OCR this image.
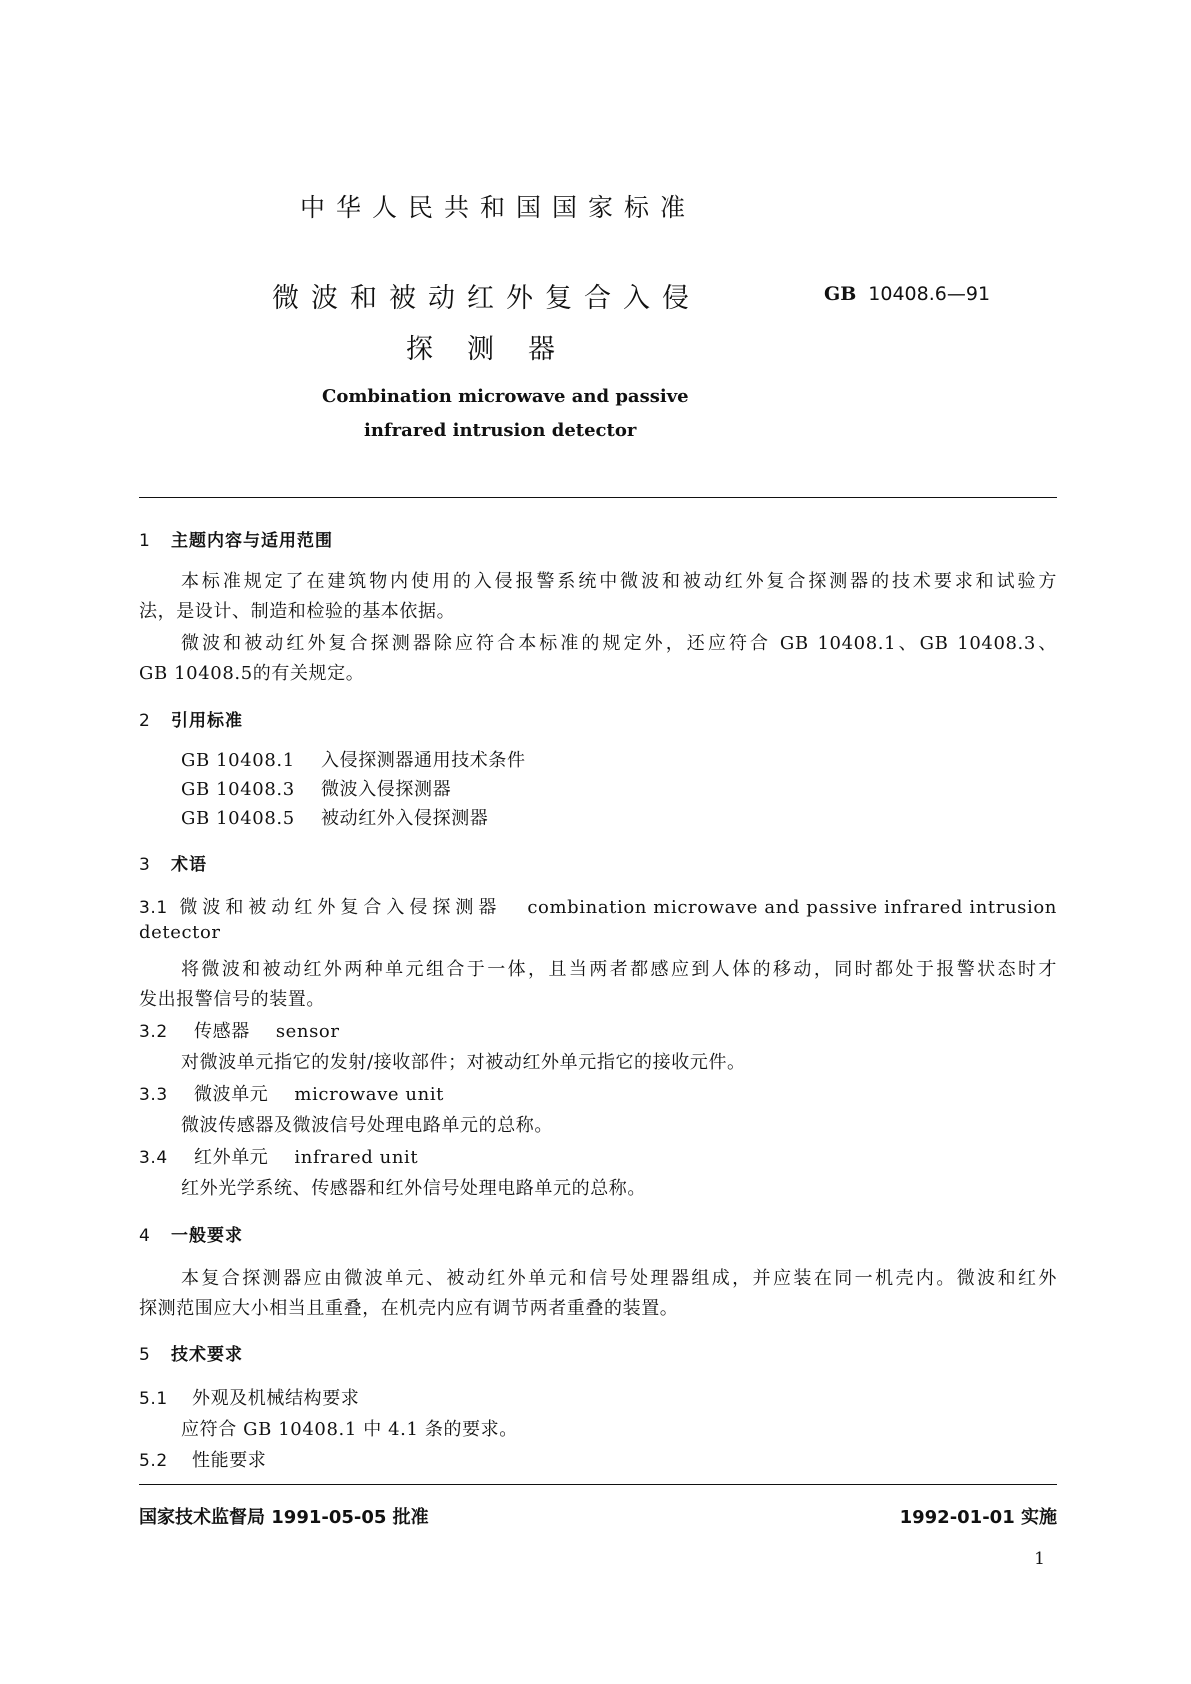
中华人民共和国国家标准
微波和被动红外复合入侵
探测器
GB 10408.6—91
Combination microwave and passive
infrared intrusion detector
1 主题内容与适用范围
本标准规定了在建筑物内使用的入侵报警系统中微波和被动红外复合探测器的技术要求和试验方
法，是设计、制造和检验的基本依据。
微波和被动红外复合探测器除应符合本标准的规定外，还应符合 GB 10408.1、GB 10408.3、
GB 10408.5的有关规定。
2 引用标准
GB 10408.1 入侵探测器通用技术条件
GB 10408.3 微波入侵探测器
GB 10408.5 被动红外入侵探测器
3 术语
3.1 微波和被动红外复合入侵探测器 combination microwave and passive infrared intrusion
detector
将微波和被动红外两种单元组合于一体，且当两者都感应到人体的移动，同时都处于报警状态时才
发出报警信号的装置。
3.2 传感器 sensor
对微波单元指它的发射/接收部件；对被动红外单元指它的接收元件。
3.3 微波单元 microwave unit
微波传感器及微波信号处理电路单元的总称。
3.4 红外单元 infrared unit
红外光学系统、传感器和红外信号处理电路单元的总称。
4 一般要求
本复合探测器应由微波单元、被动红外单元和信号处理器组成，并应装在同一机壳内。微波和红外
探测范围应大小相当且重叠，在机壳内应有调节两者重叠的装置。
5 技术要求
5.1 外观及机械结构要求
应符合 GB 10408.1 中 4.1 条的要求。
5.2 性能要求
国家技术监督局 1991-05-05 批准	1992-01-01 实施
1
